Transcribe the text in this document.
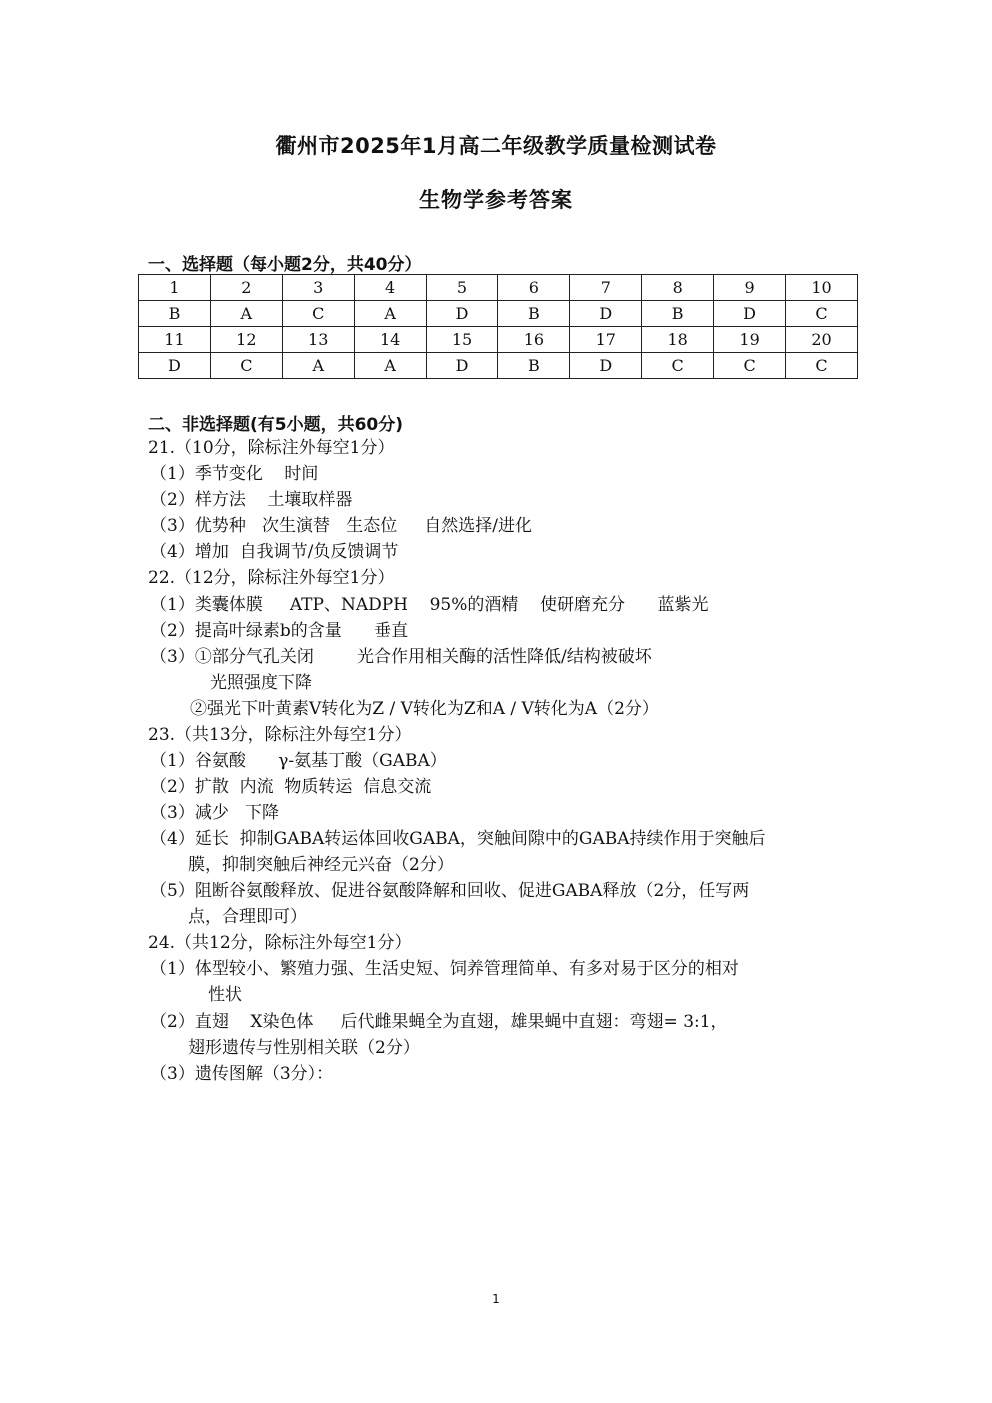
衢州市2025年1月高二年级教学质量检测试卷
生物学参考答案
一、选择题（每小题2分，共40分）
1	2	3	4	5	6	7	8	9	10
B	A	C	A	D	B	D	B	D	C
11	12	13	14	15	16	17	18	19	20
D	C	A	A	D	B	D	C	C	C
二、非选择题(有5小题，共60分)
21.（10分，除标注外每空1分）
（1）季节变化    时间
（2）样方法    土壤取样器
（3）优势种   次生演替   生态位     自然选择/进化
（4）增加  自我调节/负反馈调节
22.（12分，除标注外每空1分）
（1）类囊体膜     ATP、NADPH    95%的酒精    使研磨充分      蓝紫光
（2）提高叶绿素b的含量      垂直
（3）①部分气孔关闭        光合作用相关酶的活性降低/结构被破坏
光照强度下降
②强光下叶黄素V转化为Z / V转化为Z和A / V转化为A（2分）
23.（共13分，除标注外每空1分）
（1）谷氨酸      γ-氨基丁酸（GABA）
（2）扩散  内流  物质转运  信息交流
（3）减少   下降
（4）延长  抑制GABA转运体回收GABA，突触间隙中的GABA持续作用于突触后
膜，抑制突触后神经元兴奋（2分）
（5）阻断谷氨酸释放、促进谷氨酸降解和回收、促进GABA释放（2分，任写两
点，合理即可）
24.（共12分，除标注外每空1分）
（1）体型较小、繁殖力强、生活史短、饲养管理简单、有多对易于区分的相对
性状
（2）直翅    X染色体     后代雌果蝇全为直翅，雄果蝇中直翅：弯翅= 3:1，
翅形遗传与性别相关联（2分）
（3）遗传图解（3分）：
1
